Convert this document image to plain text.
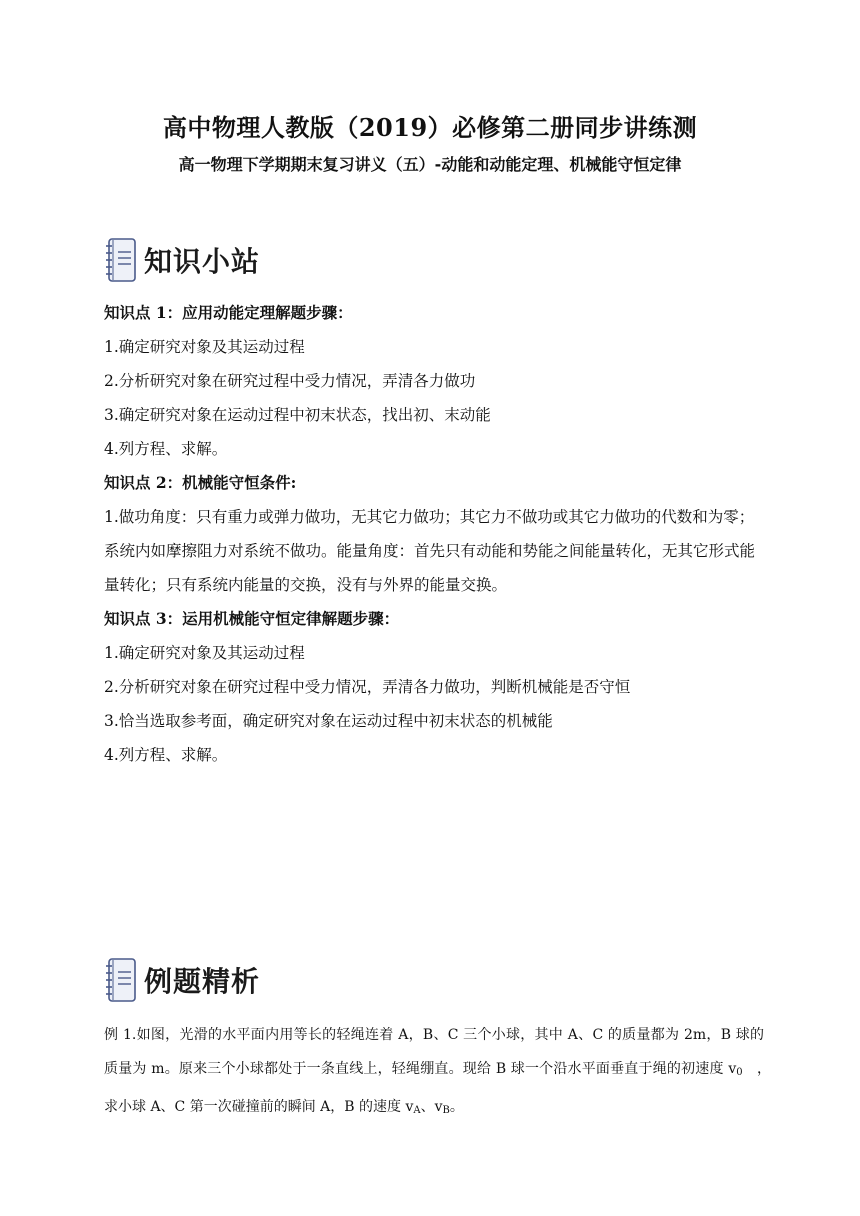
高中物理人教版（2019）必修第二册同步讲练测
高一物理下学期期末复习讲义（五）-动能和动能定理、机械能守恒定律
知识小站

知识点 1：应用动能定理解题步骤：

1.确定研究对象及其运动过程

2.分析研究对象在研究过程中受力情况，弄清各力做功

3.确定研究对象在运动过程中初末状态，找出初、末动能

4.列方程、求解。

知识点 2：机械能守恒条件:

1.做功角度：只有重力或弹力做功，无其它力做功；其它力不做功或其它力做功的代数和为零；系统内如摩擦阻力对系统不做功。能量角度：首先只有动能和势能之间能量转化，无其它形式能量转化；只有系统内能量的交换，没有与外界的能量交换。

知识点 3：运用机械能守恒定律解题步骤：

1.确定研究对象及其运动过程

2.分析研究对象在研究过程中受力情况，弄清各力做功，判断机械能是否守恒

3.恰当选取参考面，确定研究对象在运动过程中初末状态的机械能

4.列方程、求解。

例题精析
例 1.如图，光滑的水平面内用等长的轻绳连着 A，B、C 三个小球，其中 A、C 的质量都为 2m，B 球的质量为 m。原来三个小球都处于一条直线上，轻绳绷直。现给 B 球一个沿水平面垂直于绳的初速度 $v_0$　，　求小球 A、C 第一次碰撞前的瞬间 A，B 的速度 $v_A$、$v_B$。
